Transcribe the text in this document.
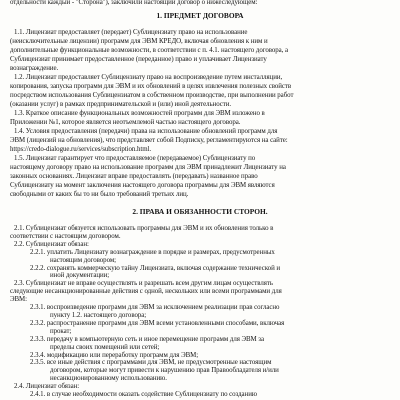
отдельности каждый - "Сторона"), заключили настоящий договор о нижеследующем:
1. ПРЕДМЕТ ДОГОВОРА
1.1. Лицензиат предоставляет (передает) Сублицензиату право на использование
(неисключительные лицензии) программ для ЭВМ КРЕДО, включая обновления к ним и
дополнительные функциональные возможности, в соответствии с п. 4.1. настоящего договора, а
Сублицензиат принимает предоставленное (переданное) право и уплачивает Лицензиату
вознаграждение.
1.2. Лицензиат предоставляет Сублицензиату право на воспроизведение путем инсталляции,
копирования, запуска программ для ЭВМ и их обновлений в целях извлечения полезных свойств
посредством использования Сублицензиатом в собственном производстве, при выполнении работ
(оказании услуг) в рамках предпринимательской и (или) иной деятельности.
1.3. Краткое описание функциональных возможностей программ для ЭВМ изложено в
Приложении №1, которое является неотъемлемой частью настоящего договора.
1.4. Условия предоставления (передачи) права на использование обновлений программ для
ЭВМ (лицензий на обновления), что представляет собой Подписку, регламентируются на сайте:
https://credo-dialogue.ru/services/subscription.html.
1.5. Лицензиат гарантирует что предоставляемое (передаваемое) Сублицензиату по
настоящему договору право на использование программ для ЭВМ принадлежит Лицензиату на
законных основаниях. Лицензиат вправе предоставлять (передавать) названное право
Сублицензиату на момент заключения настоящего договора программы для ЭВМ являются
свободными от каких бы то ни было требований третьих лиц.
2. ПРАВА И ОБЯЗАННОСТИ СТОРОН.
2.1. Сублицензиат обязуется использовать программы для ЭВМ и их обновления только в
соответствии с настоящим договором.
2.2. Сублицензиат обязан:
2.2.1. уплатить Лицензиату вознаграждение в порядке и размерах, предусмотренных
настоящим договором;
2.2.2. сохранять коммерческую тайну Лицензиата, включая содержание технической и
иной документации;
2.3. Сублицензиат не вправе осуществлять и разрешать всем другим лицам осуществлять
следующие несанкционированные действия с одной, нескольких или всеми программами для
ЭВМ:
2.3.1. воспроизведение программ для ЭВМ за исключением реализации прав согласно
пункту 1.2. настоящего договора;
2.3.2. распространение программ для ЭВМ всеми установленными способами, включая
прокат;
2.3.3. передачу в компьютерную сеть и иное перемещение программ для ЭВМ за
пределы своих помещений или сетей;
2.3.4. модификацию или переработку программ для ЭВМ;
2.3.5. все иные действия с программами для ЭВМ, не предусмотренные настоящим
договором, которые могут привести к нарушению прав Правообладателя и/или
несанкционированному использованию.
2.4. Лицензиат обязан:
2.4.1. в случае необходимости оказать содействие Сублицензиату по созданию
